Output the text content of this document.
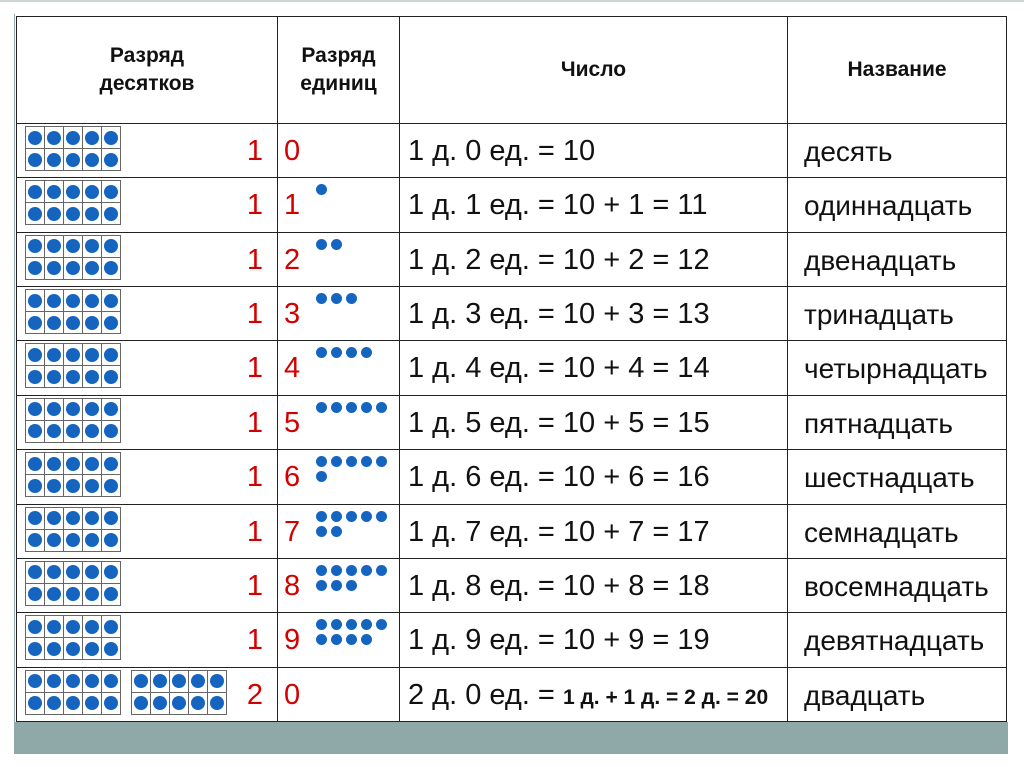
Разряд десятков	Разряд единиц	Число	Название

1	0	1 д. 0 ед. = 10	десять

1	1	1 д. 1 ед. = 10 + 1 = 11	одиннадцать

1	2	1 д. 2 ед. = 10 + 2 = 12	двенадцать

1	3	1 д. 3 ед. = 10 + 3 = 13	тринадцать

1	4	1 д. 4 ед. = 10 + 4 = 14	четырнадцать

1	5	1 д. 5 ед. = 10 + 5 = 15	пятнадцать

1	6	1 д. 6 ед. = 10 + 6 = 16	шестнадцать

1	7	1 д. 7 ед. = 10 + 7 = 17	семнадцать

1	8	1 д. 8 ед. = 10 + 8 = 18	восемнадцать

1	9	1 д. 9 ед. = 10 + 9 = 19	девятнадцать

2	0	2 д. 0 ед. = 1 д. + 1 д. = 2 д. = 20	двадцать
